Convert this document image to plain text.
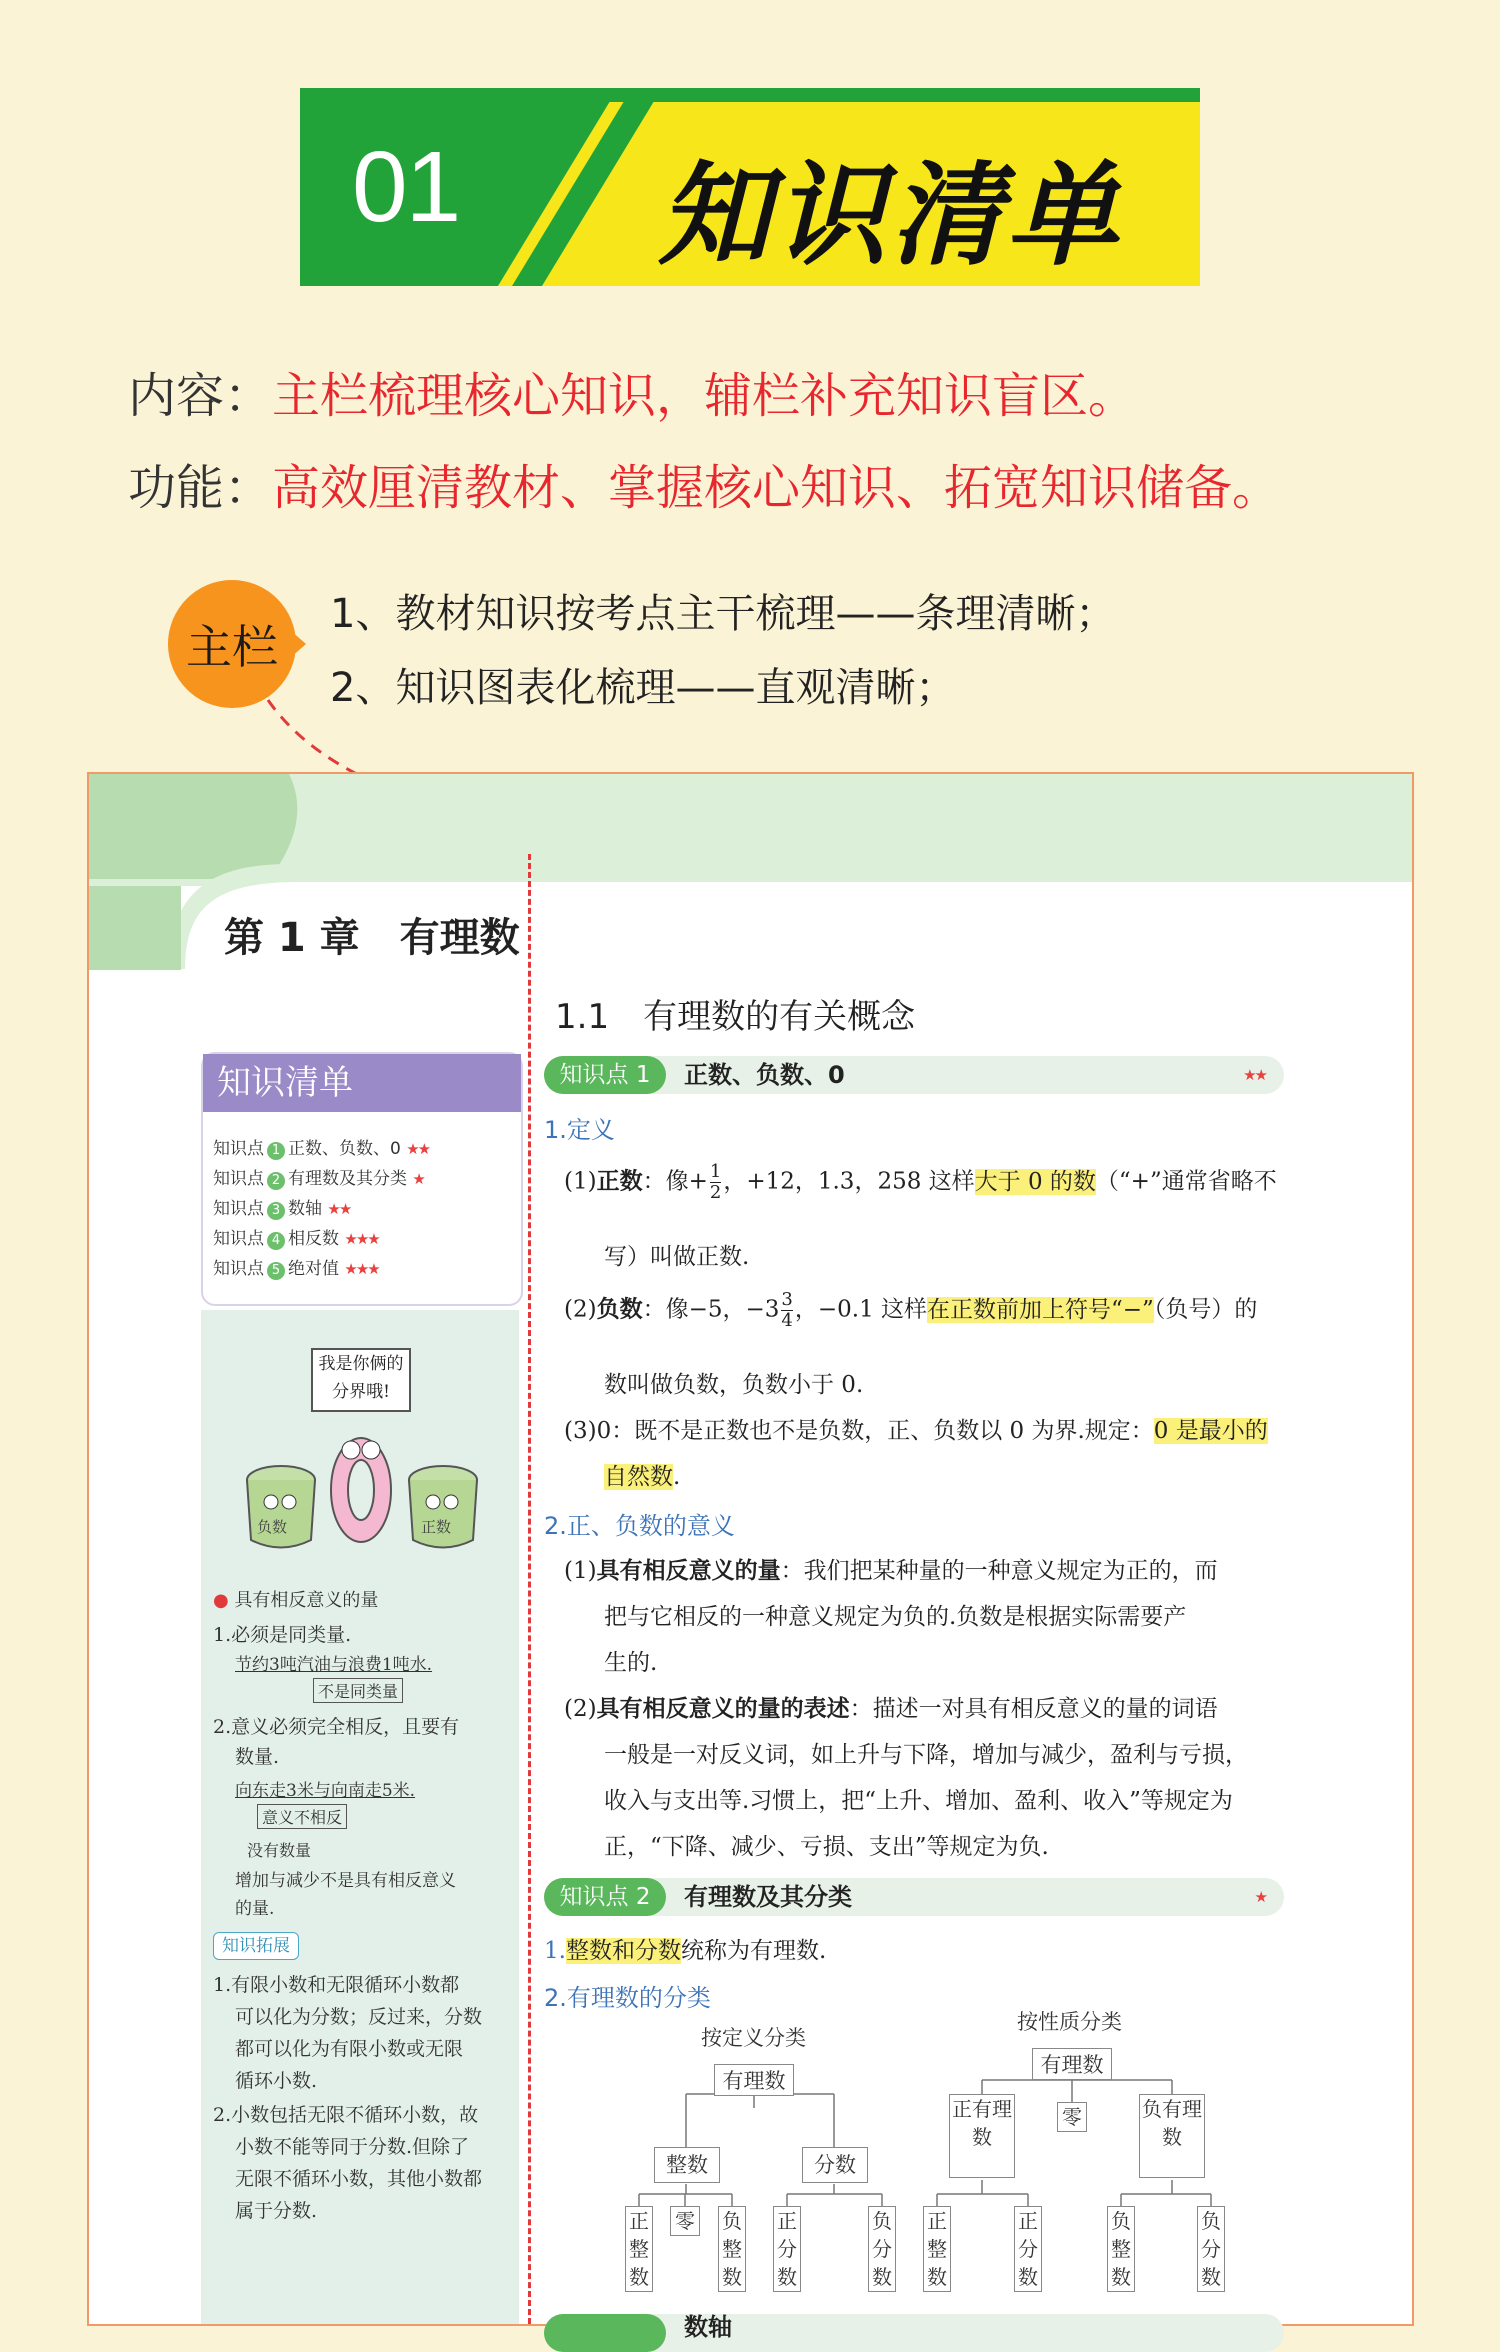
01 知识清单
内容：主栏梳理核心知识，辅栏补充知识盲区。
功能：高效厘清教材、掌握核心知识、拓宽知识储备。
主栏
1、教材知识按考点主干梳理——条理清晰；
2、知识图表化梳理——直观清晰；
第 1 章　有理数
1.1　有理数的有关概念
知识清单
知识点 1 正数、负数、0 ★★
知识点 2 有理数及其分类 ★
知识点 3 数轴 ★★
知识点 4 相反数 ★★★
知识点 5 绝对值 ★★★
我是你俩的分界哦!
负数	正数
● 具有相反意义的量
1.必须是同类量.
节约3吨汽油与浪费1吨水.
不是同类量
2.意义必须完全相反，且要有
数量.
向东走3米与向南走5米.
意义不相反
没有数量
增加与减少不是具有相反意义
的量.
知识拓展
1.有限小数和无限循环小数都
可以化为分数；反过来，分数
都可以化为有限小数或无限
循环小数.
2.小数包括无限不循环小数，故
小数不能等同于分数.但除了
无限不循环小数，其他小数都
属于分数.
知识点 1	正数、负数、0	★★
1.定义
(1)正数：像+ $\frac{1}{2}$ ，+12，1.3，258 这样大于 0 的数（“+”通常省略不
写）叫做正数.
(2)负数：像−5，$-3 \frac{3}{4}$ ，−0.1 这样在正数前加上符号“−”（负号）的
数叫做负数，负数小于 0.
(3)0：既不是正数也不是负数，正、负数以 0 为界.规定：0 是最小的
自然数.
2.正、负数的意义
(1)具有相反意义的量：我们把某种量的一种意义规定为正的，而
把与它相反的一种意义规定为负的.负数是根据实际需要产
生的.
(2)具有相反意义的量的表述：描述一对具有相反意义的量的词语
一般是一对反义词，如上升与下降，增加与减少，盈利与亏损，
收入与支出等.习惯上，把“上升、增加、盈利、收入”等规定为
正，“下降、减少、亏损、支出”等规定为负.
知识点 2	有理数及其分类	★
1.整数和分数统称为有理数.
2.有理数的分类
按定义分类
有理数
整数	分数
正整数
零 负整数
正分数
负分数
按性质分类
有理数
正有理数
零	负有理数
正整数
正分数
负整数
负分数
数轴
